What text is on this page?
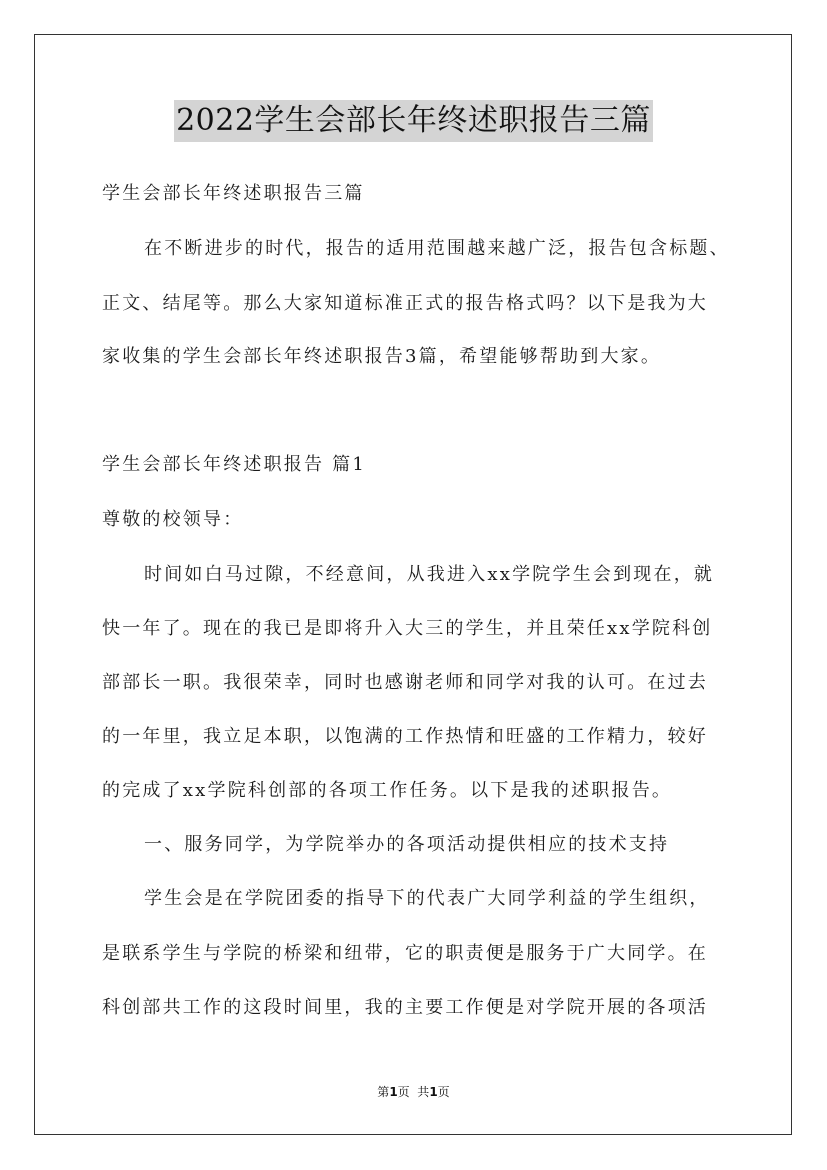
2022学生会部长年终述职报告三篇
学生会部长年终述职报告三篇
在不断进步的时代，报告的适用范围越来越广泛，报告包含标题、
正文、结尾等。那么大家知道标准正式的报告格式吗？以下是我为大
家收集的学生会部长年终述职报告3篇，希望能够帮助到大家。
学生会部长年终述职报告 篇1
尊敬的校领导：
时间如白马过隙，不经意间，从我进入xx学院学生会到现在，就
快一年了。现在的我已是即将升入大三的学生，并且荣任xx学院科创
部部长一职。我很荣幸，同时也感谢老师和同学对我的认可。在过去
的一年里，我立足本职，以饱满的工作热情和旺盛的工作精力，较好
的完成了xx学院科创部的各项工作任务。以下是我的述职报告。
一、服务同学，为学院举办的各项活动提供相应的技术支持
学生会是在学院团委的指导下的代表广大同学利益的学生组织，
是联系学生与学院的桥梁和纽带，它的职责便是服务于广大同学。在
科创部共工作的这段时间里，我的主要工作便是对学院开展的各项活
第1页  共1页
